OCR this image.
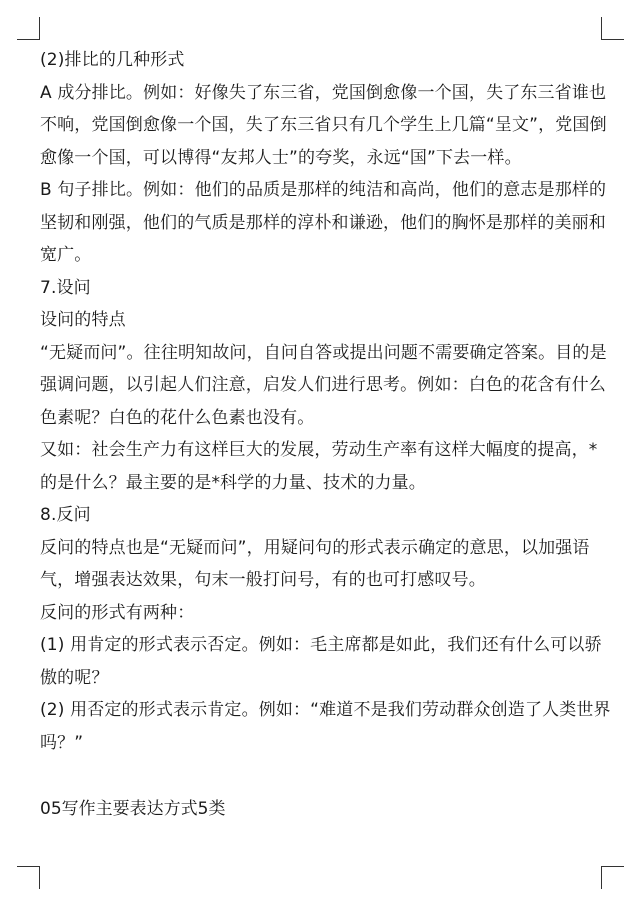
(2)排比的几种形式
A 成分排比。例如：好像失了东三省，党国倒愈像一个国，失了东三省谁也
不响，党国倒愈像一个国，失了东三省只有几个学生上几篇“呈文”，党国倒
愈像一个国，可以博得“友邦人士”的夸奖，永远“国”下去一样。
B 句子排比。例如：他们的品质是那样的纯洁和高尚，他们的意志是那样的
坚韧和刚强，他们的气质是那样的淳朴和谦逊，他们的胸怀是那样的美丽和
宽广。
7.设问
设问的特点
“无疑而问”。往往明知故问，自问自答或提出问题不需要确定答案。目的是
强调问题，以引起人们注意，启发人们进行思考。例如：白色的花含有什么
色素呢？白色的花什么色素也没有。
又如：社会生产力有这样巨大的发展，劳动生产率有这样大幅度的提高，*
的是什么？最主要的是*科学的力量、技术的力量。
8.反问
反问的特点也是“无疑而问”，用疑问句的形式表示确定的意思，以加强语
气，增强表达效果，句末一般打问号，有的也可打感叹号。
反问的形式有两种：
(1) 用肯定的形式表示否定。例如：毛主席都是如此，我们还有什么可以骄
傲的呢？
(2) 用否定的形式表示肯定。例如：“难道不是我们劳动群众创造了人类世界
吗？”
05写作主要表达方式5类
